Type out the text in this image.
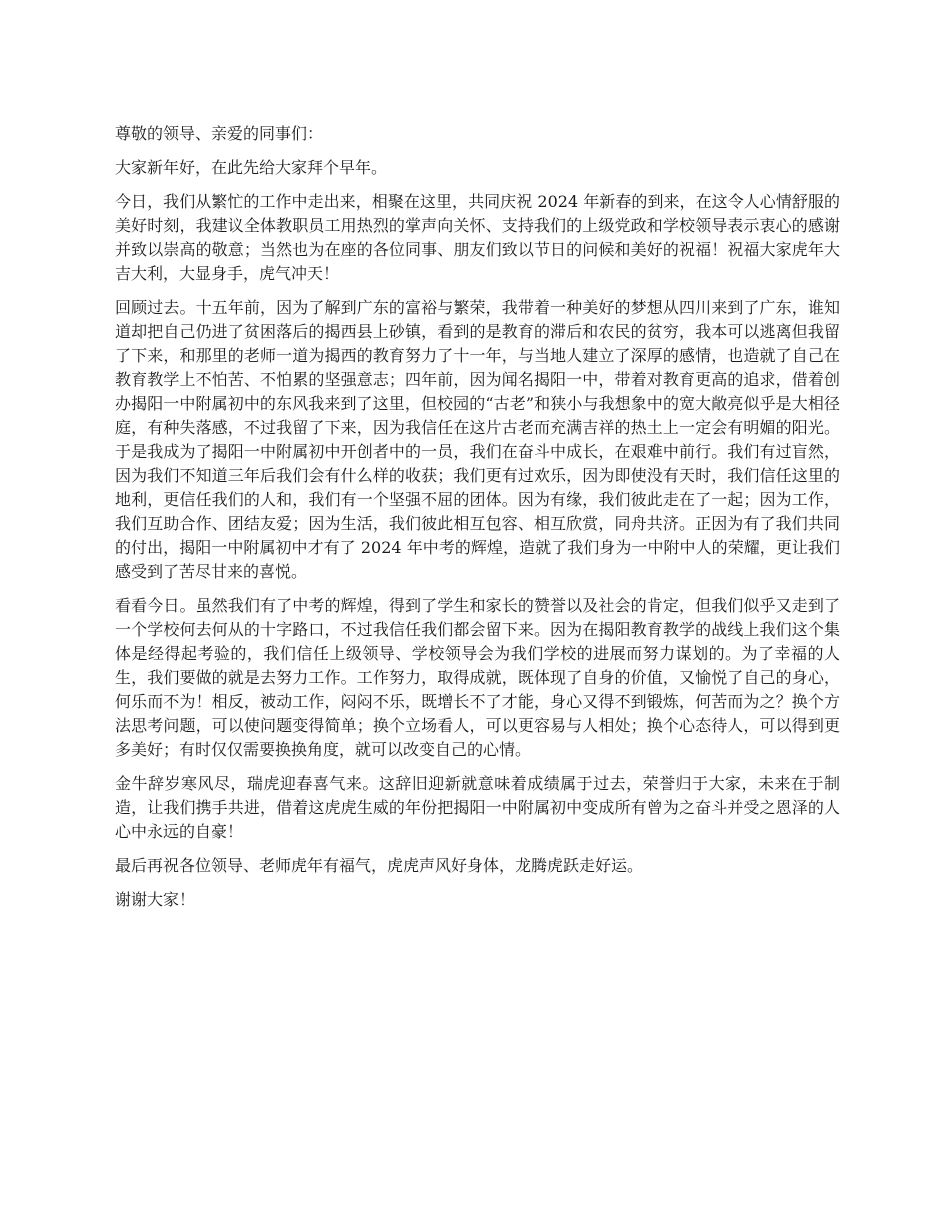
尊敬的领导、亲爱的同事们：

大家新年好，在此先给大家拜个早年。

今日，我们从繁忙的工作中走出来，相聚在这里，共同庆祝 2024 年新春的到来，在这令人心情舒服的美好时刻，我建议全体教职员工用热烈的掌声向关怀、支持我们的上级党政和学校领导表示衷心的感谢并致以崇高的敬意；当然也为在座的各位同事、朋友们致以节日的问候和美好的祝福！祝福大家虎年大吉大利，大显身手，虎气冲天！

回顾过去。十五年前，因为了解到广东的富裕与繁荣，我带着一种美好的梦想从四川来到了广东，谁知道却把自己仍进了贫困落后的揭西县上砂镇，看到的是教育的滞后和农民的贫穷，我本可以逃离但我留了下来，和那里的老师一道为揭西的教育努力了十一年，与当地人建立了深厚的感情，也造就了自己在教育教学上不怕苦、不怕累的坚强意志；四年前，因为闻名揭阳一中，带着对教育更高的追求，借着创办揭阳一中附属初中的东风我来到了这里，但校园的“古老”和狭小与我想象中的宽大敞亮似乎是大相径庭，有种失落感，不过我留了下来，因为我信任在这片古老而充满吉祥的热土上一定会有明媚的阳光。于是我成为了揭阳一中附属初中开创者中的一员，我们在奋斗中成长，在艰难中前行。我们有过盲然，因为我们不知道三年后我们会有什么样的收获；我们更有过欢乐，因为即使没有天时，我们信任这里的地利，更信任我们的人和，我们有一个坚强不屈的团体。因为有缘，我们彼此走在了一起；因为工作，我们互助合作、团结友爱；因为生活，我们彼此相互包容、相互欣赏，同舟共济。正因为有了我们共同的付出，揭阳一中附属初中才有了 2024 年中考的辉煌，造就了我们身为一中附中人的荣耀，更让我们感受到了苦尽甘来的喜悦。

看看今日。虽然我们有了中考的辉煌，得到了学生和家长的赞誉以及社会的肯定，但我们似乎又走到了一个学校何去何从的十字路口，不过我信任我们都会留下来。因为在揭阳教育教学的战线上我们这个集体是经得起考验的，我们信任上级领导、学校领导会为我们学校的进展而努力谋划的。为了幸福的人生，我们要做的就是去努力工作。工作努力，取得成就，既体现了自身的价值，又愉悦了自己的身心，何乐而不为！相反，被动工作，闷闷不乐，既增长不了才能，身心又得不到锻炼，何苦而为之？换个方法思考问题，可以使问题变得简单；换个立场看人，可以更容易与人相处；换个心态待人，可以得到更多美好；有时仅仅需要换换角度，就可以改变自己的心情。

金牛辞岁寒风尽，瑞虎迎春喜气来。这辞旧迎新就意味着成绩属于过去，荣誉归于大家，未来在于制造，让我们携手共进，借着这虎虎生威的年份把揭阳一中附属初中变成所有曾为之奋斗并受之恩泽的人心中永远的自豪！

最后再祝各位领导、老师虎年有福气，虎虎声风好身体，龙腾虎跃走好运。

谢谢大家！
